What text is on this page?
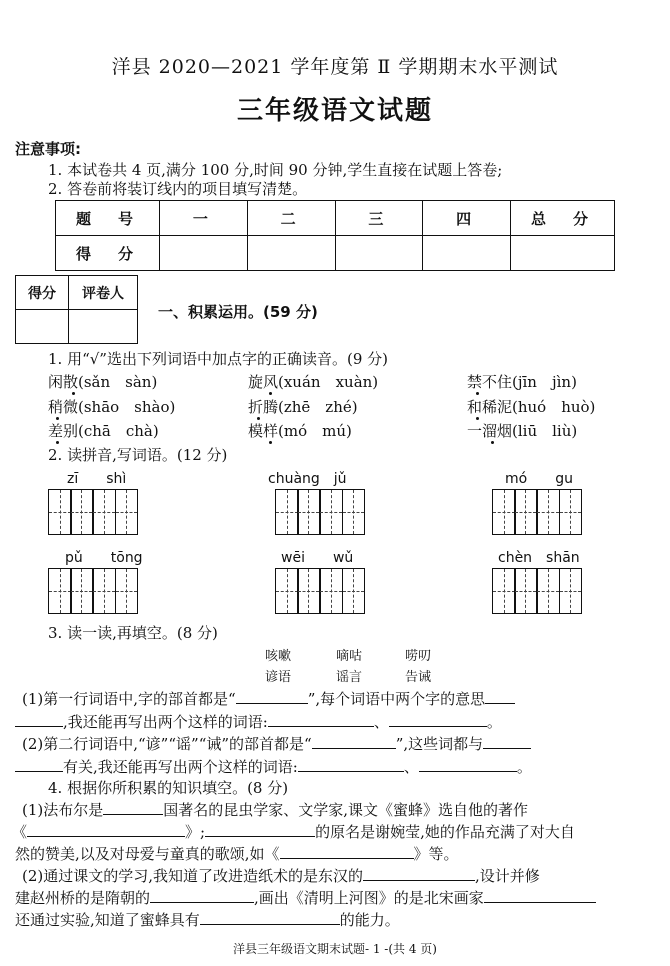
洋县 2020—2021 学年度第 Ⅱ 学期期末水平测试
三年级语文试题
注意事项:
1. 本试卷共 4 页,满分 100 分,时间 90 分钟,学生直接在试题上答卷;
2. 答卷前将装订线内的项目填写清楚。
题　号	一	二	三	四	总　分
得　分					
得分	评卷人

一、积累运用。(59 分)
1. 用“√”选出下列词语中加点字的正确读音。(9 分)
闲散(sǎn　sàn)	旋风(xuán　xuàn)	禁不住(jīn　jìn)
稍微(shāo　shào)	折腾(zhē　zhé)	和稀泥(huó　huò)
差别(chā　chà)	模样(mó　mú)	一溜烟(liū　liù)
2. 读拼音,写词语。(12 分)
zī　　shì	chuàng　jǔ	mó　　gu
pǔ　　tōng	wēi　　wǔ	chèn　shān
3. 读一读,再填空。(8 分)
咳嗽	嘀咕	唠叨
谚语	谣言	告诫
(1)第一行词语中,字的部首都是“	”,每个词语中两个字的意思
,我还能再写出两个这样的词语:	、	。
(2)第二行词语中,“谚”“谣”“诫”的部首都是“	”,这些词都与
有关,我还能再写出两个这样的词语:	、	。
4. 根据你所积累的知识填空。(8 分)
(1)法布尔是	国著名的昆虫学家、文学家,课文《蜜蜂》选自他的著作
《	》;	的原名是谢婉莹,她的作品充满了对大自
然的赞美,以及对母爱与童真的歌颂,如《	》等。
(2)通过课文的学习,我知道了改进造纸术的是东汉的	,设计并修
建赵州桥的是隋朝的	,画出《清明上河图》的是北宋画家
还通过实验,知道了蜜蜂具有	的能力。
洋县三年级语文期末试题- 1 -(共 4 页)
